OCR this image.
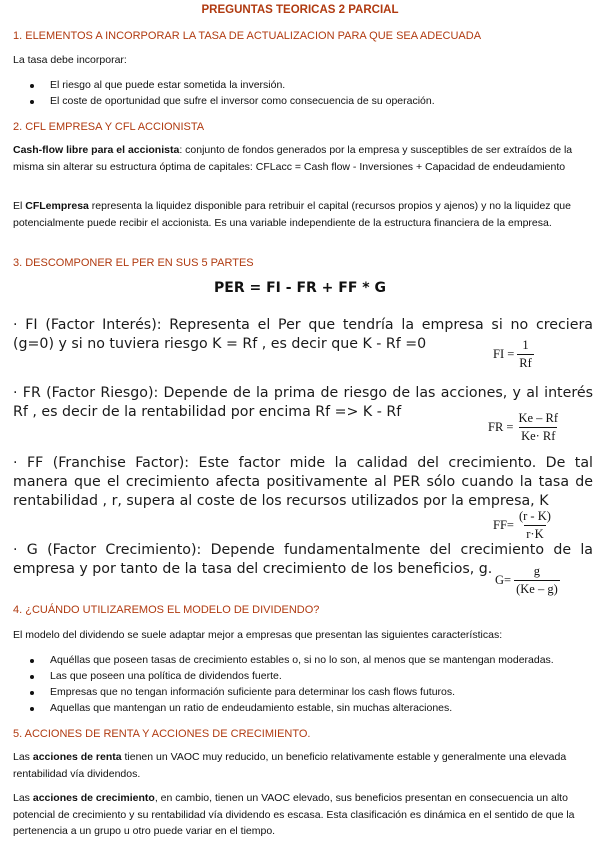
PREGUNTAS TEORICAS 2 PARCIAL
1. ELEMENTOS A INCORPORAR LA TASA DE ACTUALIZACION PARA QUE SEA ADECUADA
La tasa debe incorporar:
El riesgo al que puede estar sometida la inversión.
El coste de oportunidad que sufre el inversor como consecuencia de su operación.
2. CFL EMPRESA Y CFL ACCIONISTA
Cash-flow libre para el accionista: conjunto de fondos generados por la empresa y susceptibles de ser extraídos de la misma sin alterar su estructura óptima de capitales: CFLacc = Cash flow - Inversiones + Capacidad de endeudamiento
El CFLempresa representa la liquidez disponible para retribuir el capital (recursos propios y ajenos) y no la liquidez que potencialmente puede recibir el accionista. Es una variable independiente de la estructura financiera de la empresa.
3. DESCOMPONER EL PER EN SUS 5 PARTES
PER = FI - FR + FF * G
· FI (Factor Interés): Representa el Per que tendría la empresa si no creciera
(g=0) y si no tuviera riesgo K = Rf , es decir que K - Rf =0
FI = $\frac{1}{Rf}$
· FR (Factor Riesgo): Depende de la prima de riesgo de las acciones, y al interés
Rf , es decir de la rentabilidad por encima Rf => K - Rf
FR = $\frac{Ke - Rf}{Ke\cdot Rf}$
· FF (Franchise Factor): Este factor mide la calidad del crecimiento. De tal
manera que el crecimiento afecta positivamente al PER sólo cuando la tasa de
rentabilidad , r, supera al coste de los recursos utilizados por la empresa, K
$FF= \frac{(r - K)}{r\cdot K}$
· G (Factor Crecimiento): Depende fundamentalmente del crecimiento de la
empresa y por tanto de la tasa del crecimiento de los beneficios, g.
$G= \frac{g}{(Ke - g)}$
4. ¿CUÁNDO UTILIZAREMOS EL MODELO DE DIVIDENDO?
El modelo del dividendo se suele adaptar mejor a empresas que presentan las siguientes características:
Aquéllas que poseen tasas de crecimiento estables o, si no lo son, al menos que se mantengan moderadas.
Las que poseen una política de dividendos fuerte.
Empresas que no tengan información suficiente para determinar los cash flows futuros.
Aquellas que mantengan un ratio de endeudamiento estable, sin muchas alteraciones.
5. ACCIONES DE RENTA Y ACCIONES DE CRECIMIENTO.
Las acciones de renta tienen un VAOC muy reducido, un beneficio relativamente estable y generalmente una elevada rentabilidad vía dividendos.
Las acciones de crecimiento, en cambio, tienen un VAOC elevado, sus beneficios presentan en consecuencia un alto potencial de crecimiento y su rentabilidad vía dividendo es escasa. Esta clasificación es dinámica en el sentido de que la pertenencia a un grupo u otro puede variar en el tiempo.
